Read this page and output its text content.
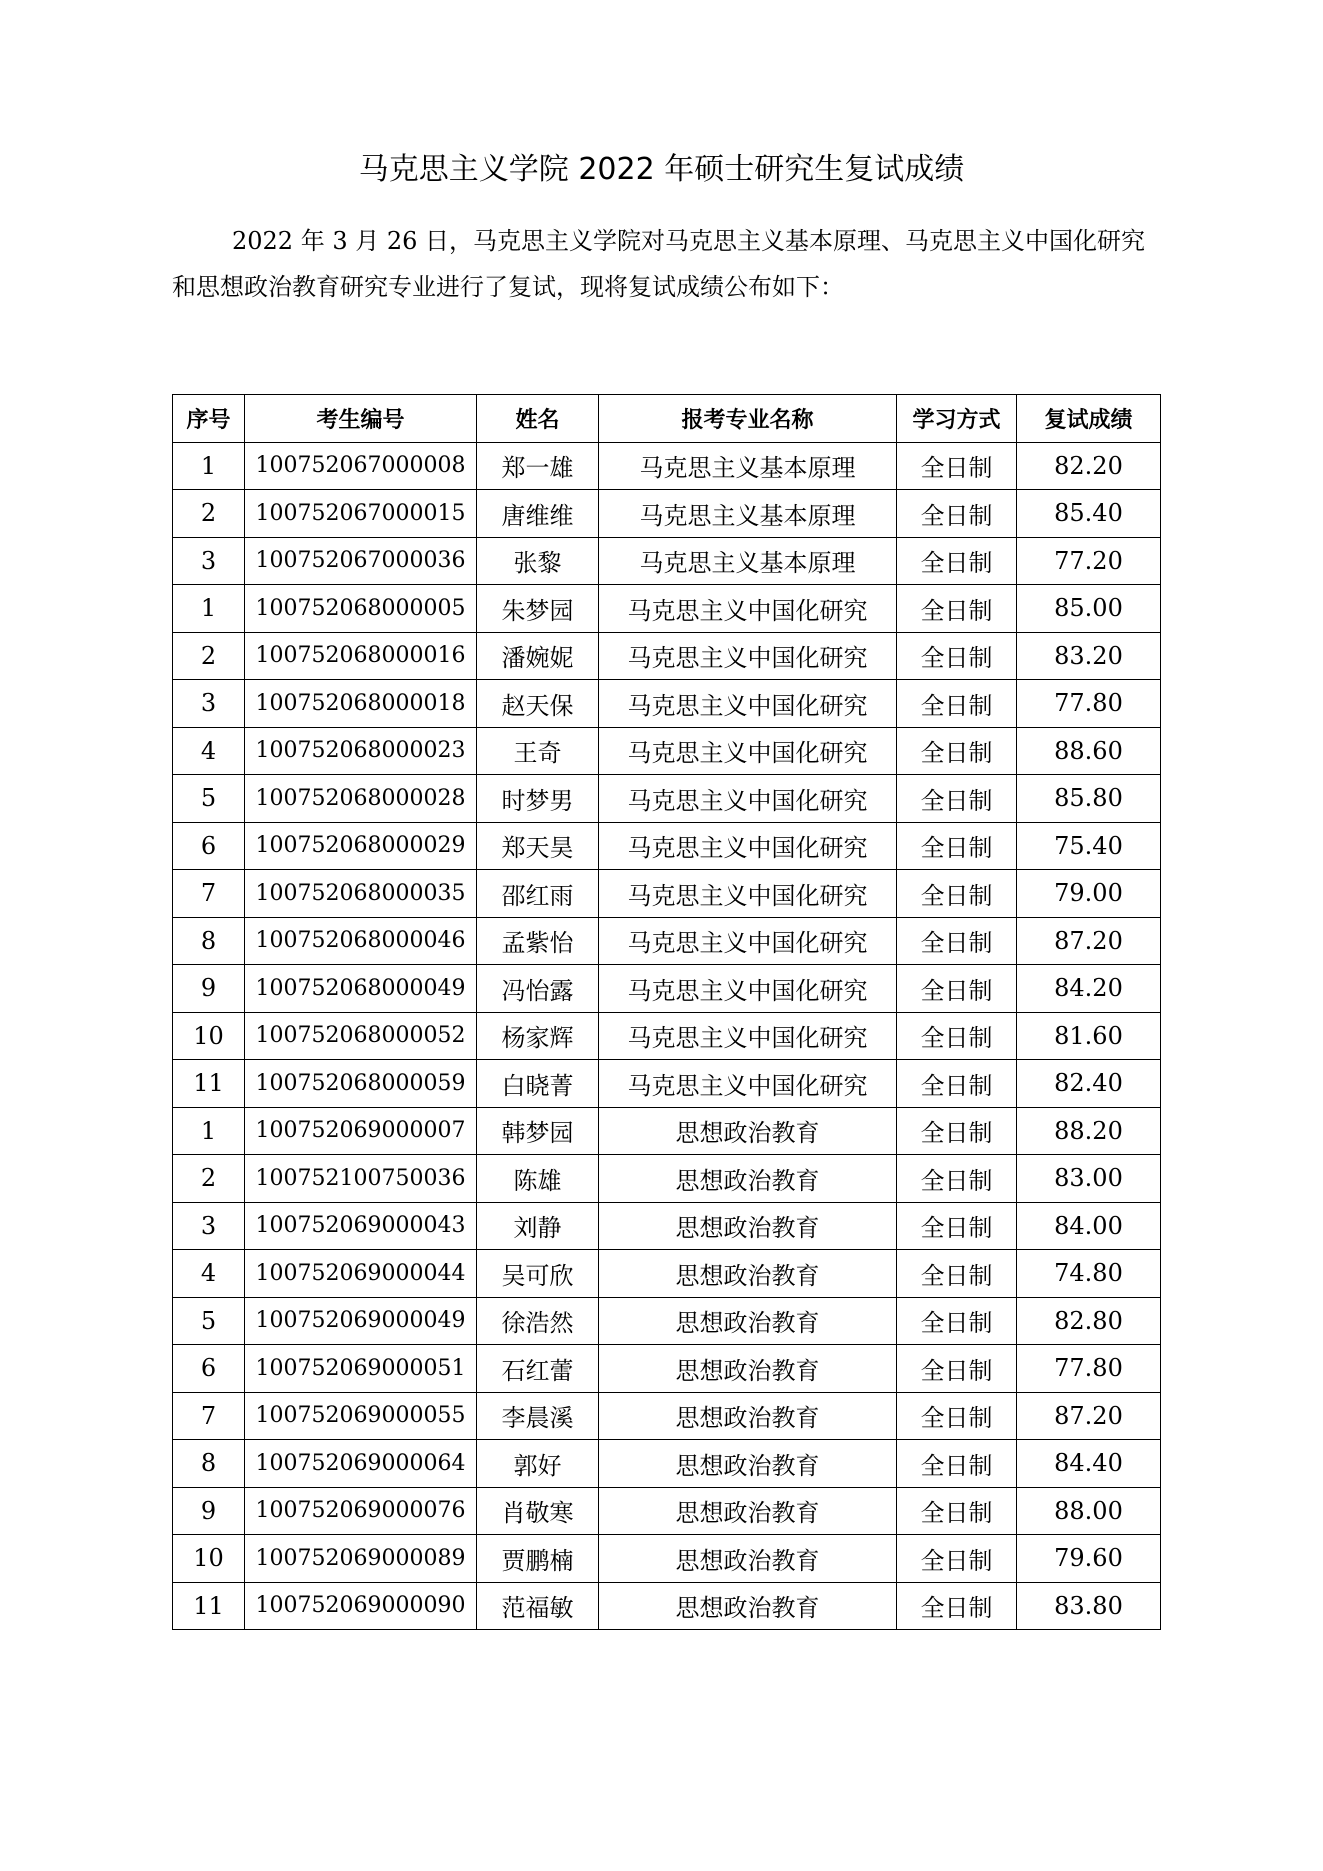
马克思主义学院 2022 年硕士研究生复试成绩

2022 年 3 月 26 日，马克思主义学院对马克思主义基本原理、马克思主义中国化研究和思想政治教育研究专业进行了复试，现将复试成绩公布如下：

序号	考生编号	姓名	报考专业名称	学习方式	复试成绩
1	100752067000008	郑一雄	马克思主义基本原理	全日制	82.20
2	100752067000015	唐维维	马克思主义基本原理	全日制	85.40
3	100752067000036	张黎	马克思主义基本原理	全日制	77.20
1	100752068000005	朱梦园	马克思主义中国化研究	全日制	85.00
2	100752068000016	潘婉妮	马克思主义中国化研究	全日制	83.20
3	100752068000018	赵天保	马克思主义中国化研究	全日制	77.80
4	100752068000023	王奇	马克思主义中国化研究	全日制	88.60
5	100752068000028	时梦男	马克思主义中国化研究	全日制	85.80
6	100752068000029	郑天昊	马克思主义中国化研究	全日制	75.40
7	100752068000035	邵红雨	马克思主义中国化研究	全日制	79.00
8	100752068000046	孟紫怡	马克思主义中国化研究	全日制	87.20
9	100752068000049	冯怡露	马克思主义中国化研究	全日制	84.20
10	100752068000052	杨家辉	马克思主义中国化研究	全日制	81.60
11	100752068000059	白晓菁	马克思主义中国化研究	全日制	82.40
1	100752069000007	韩梦园	思想政治教育	全日制	88.20
2	100752100750036	陈雄	思想政治教育	全日制	83.00
3	100752069000043	刘静	思想政治教育	全日制	84.00
4	100752069000044	吴可欣	思想政治教育	全日制	74.80
5	100752069000049	徐浩然	思想政治教育	全日制	82.80
6	100752069000051	石红蕾	思想政治教育	全日制	77.80
7	100752069000055	李晨溪	思想政治教育	全日制	87.20
8	100752069000064	郭好	思想政治教育	全日制	84.40
9	100752069000076	肖敬寒	思想政治教育	全日制	88.00
10	100752069000089	贾鹏楠	思想政治教育	全日制	79.60
11	100752069000090	范福敏	思想政治教育	全日制	83.80
